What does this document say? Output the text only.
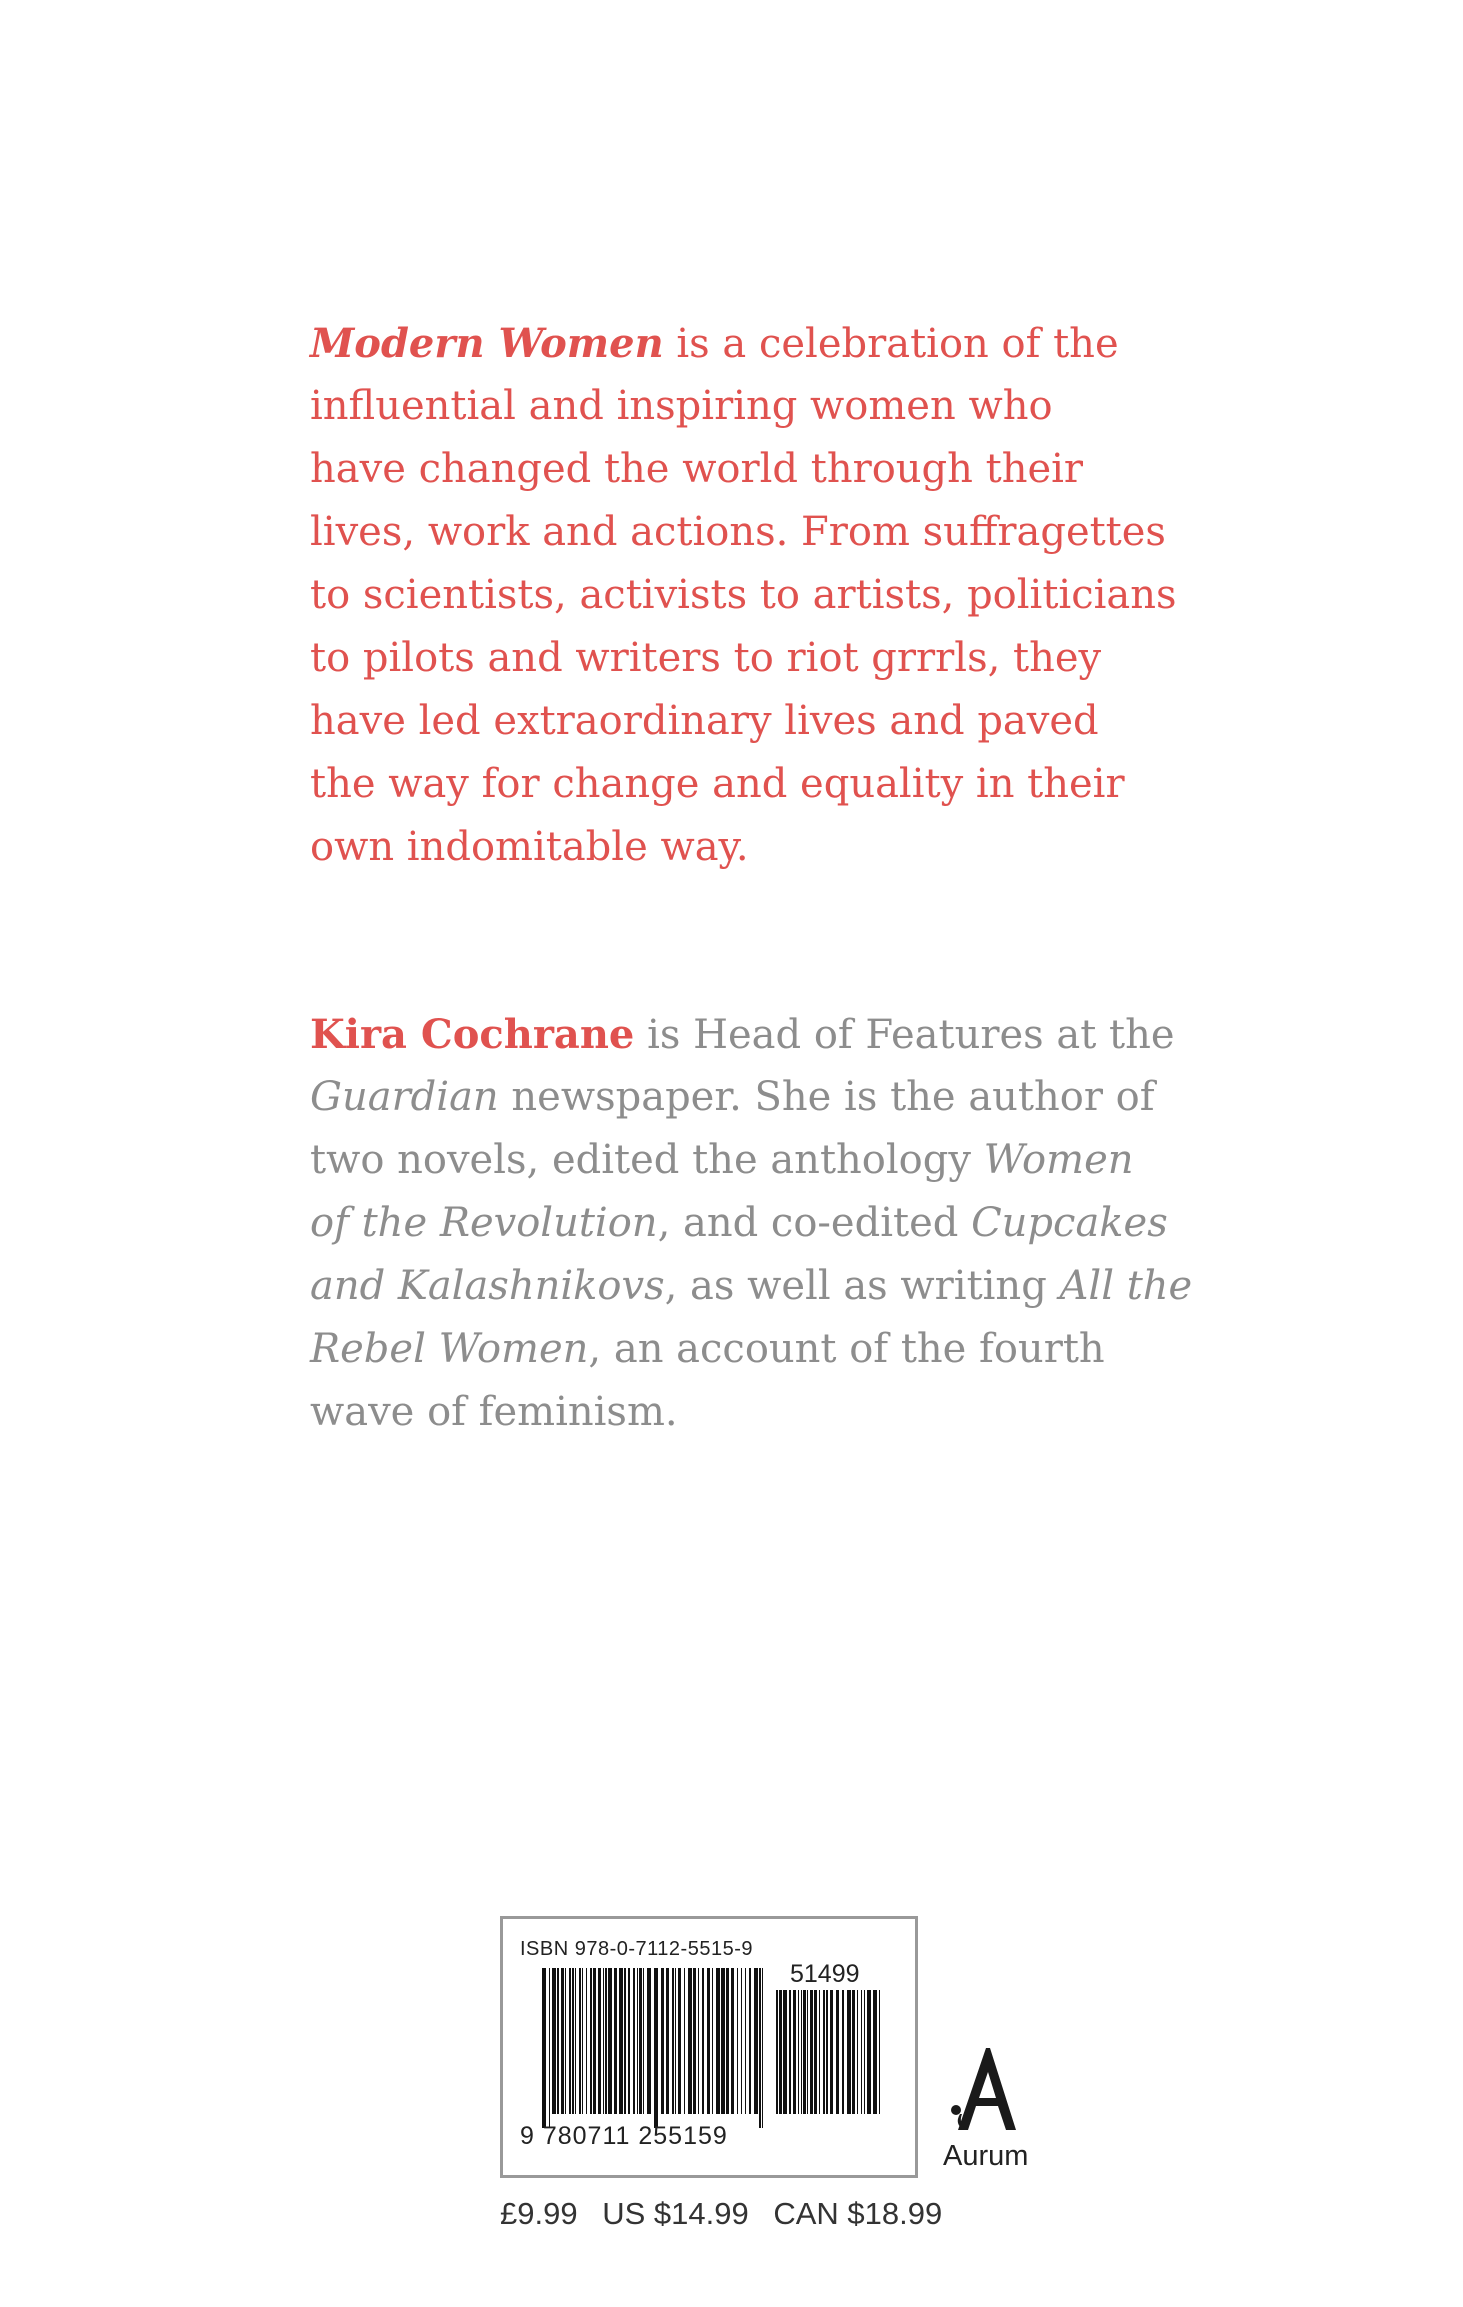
Modern Women is a celebration of the
influential and inspiring women who
have changed the world through their
lives, work and actions. From suffragettes
to scientists, activists to artists, politicians
to pilots and writers to riot grrrls, they
have led extraordinary lives and paved
the way for change and equality in their
own indomitable way.
Kira Cochrane is Head of Features at the
Guardian newspaper. She is the author of
two novels, edited the anthology Women
of the Revolution, and co-edited Cupcakes
and Kalashnikovs, as well as writing All the
Rebel Women, an account of the fourth
wave of feminism.
ISBN 978-0-7112-5515-9
51499
9 780711 255159
Aurum
£9.99 US $14.99 CAN $18.99
